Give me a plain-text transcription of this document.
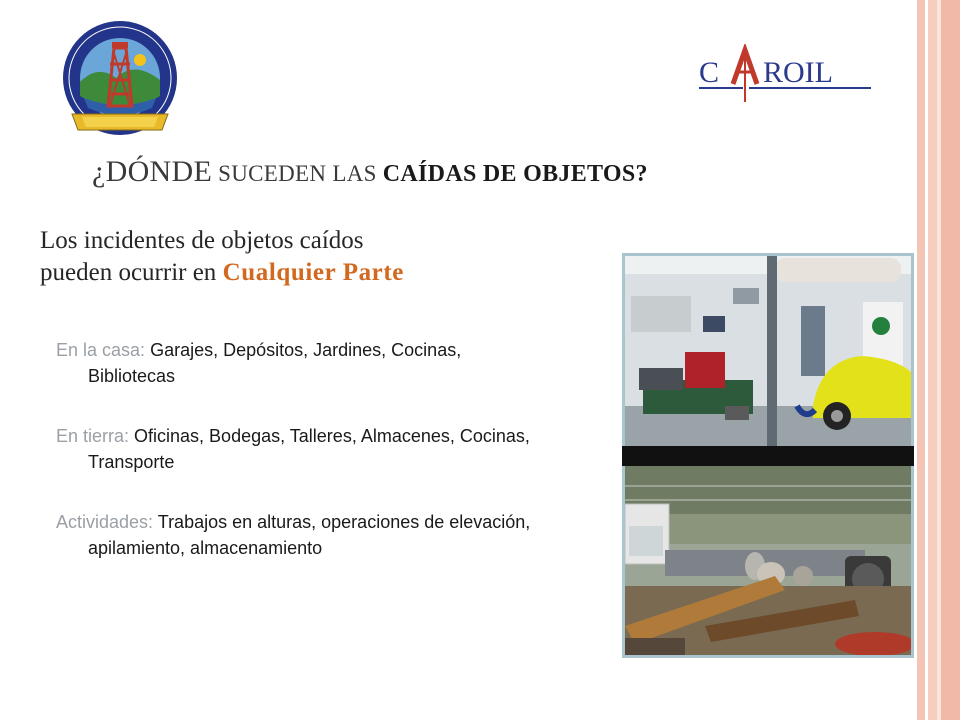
C ROIL
¿DÓNDE SUCEDEN LAS CAÍDAS DE OBJETOS?

Los incidentes de objetos caídos
pueden ocurrir en Cualquier Parte

En la casa: Garajes, Depósitos, Jardines, Cocinas, Bibliotecas
En tierra: Oficinas, Bodegas, Talleres, Almacenes, Cocinas, Transporte
Actividades: Trabajos en alturas, operaciones de elevación, apilamiento, almacenamiento
